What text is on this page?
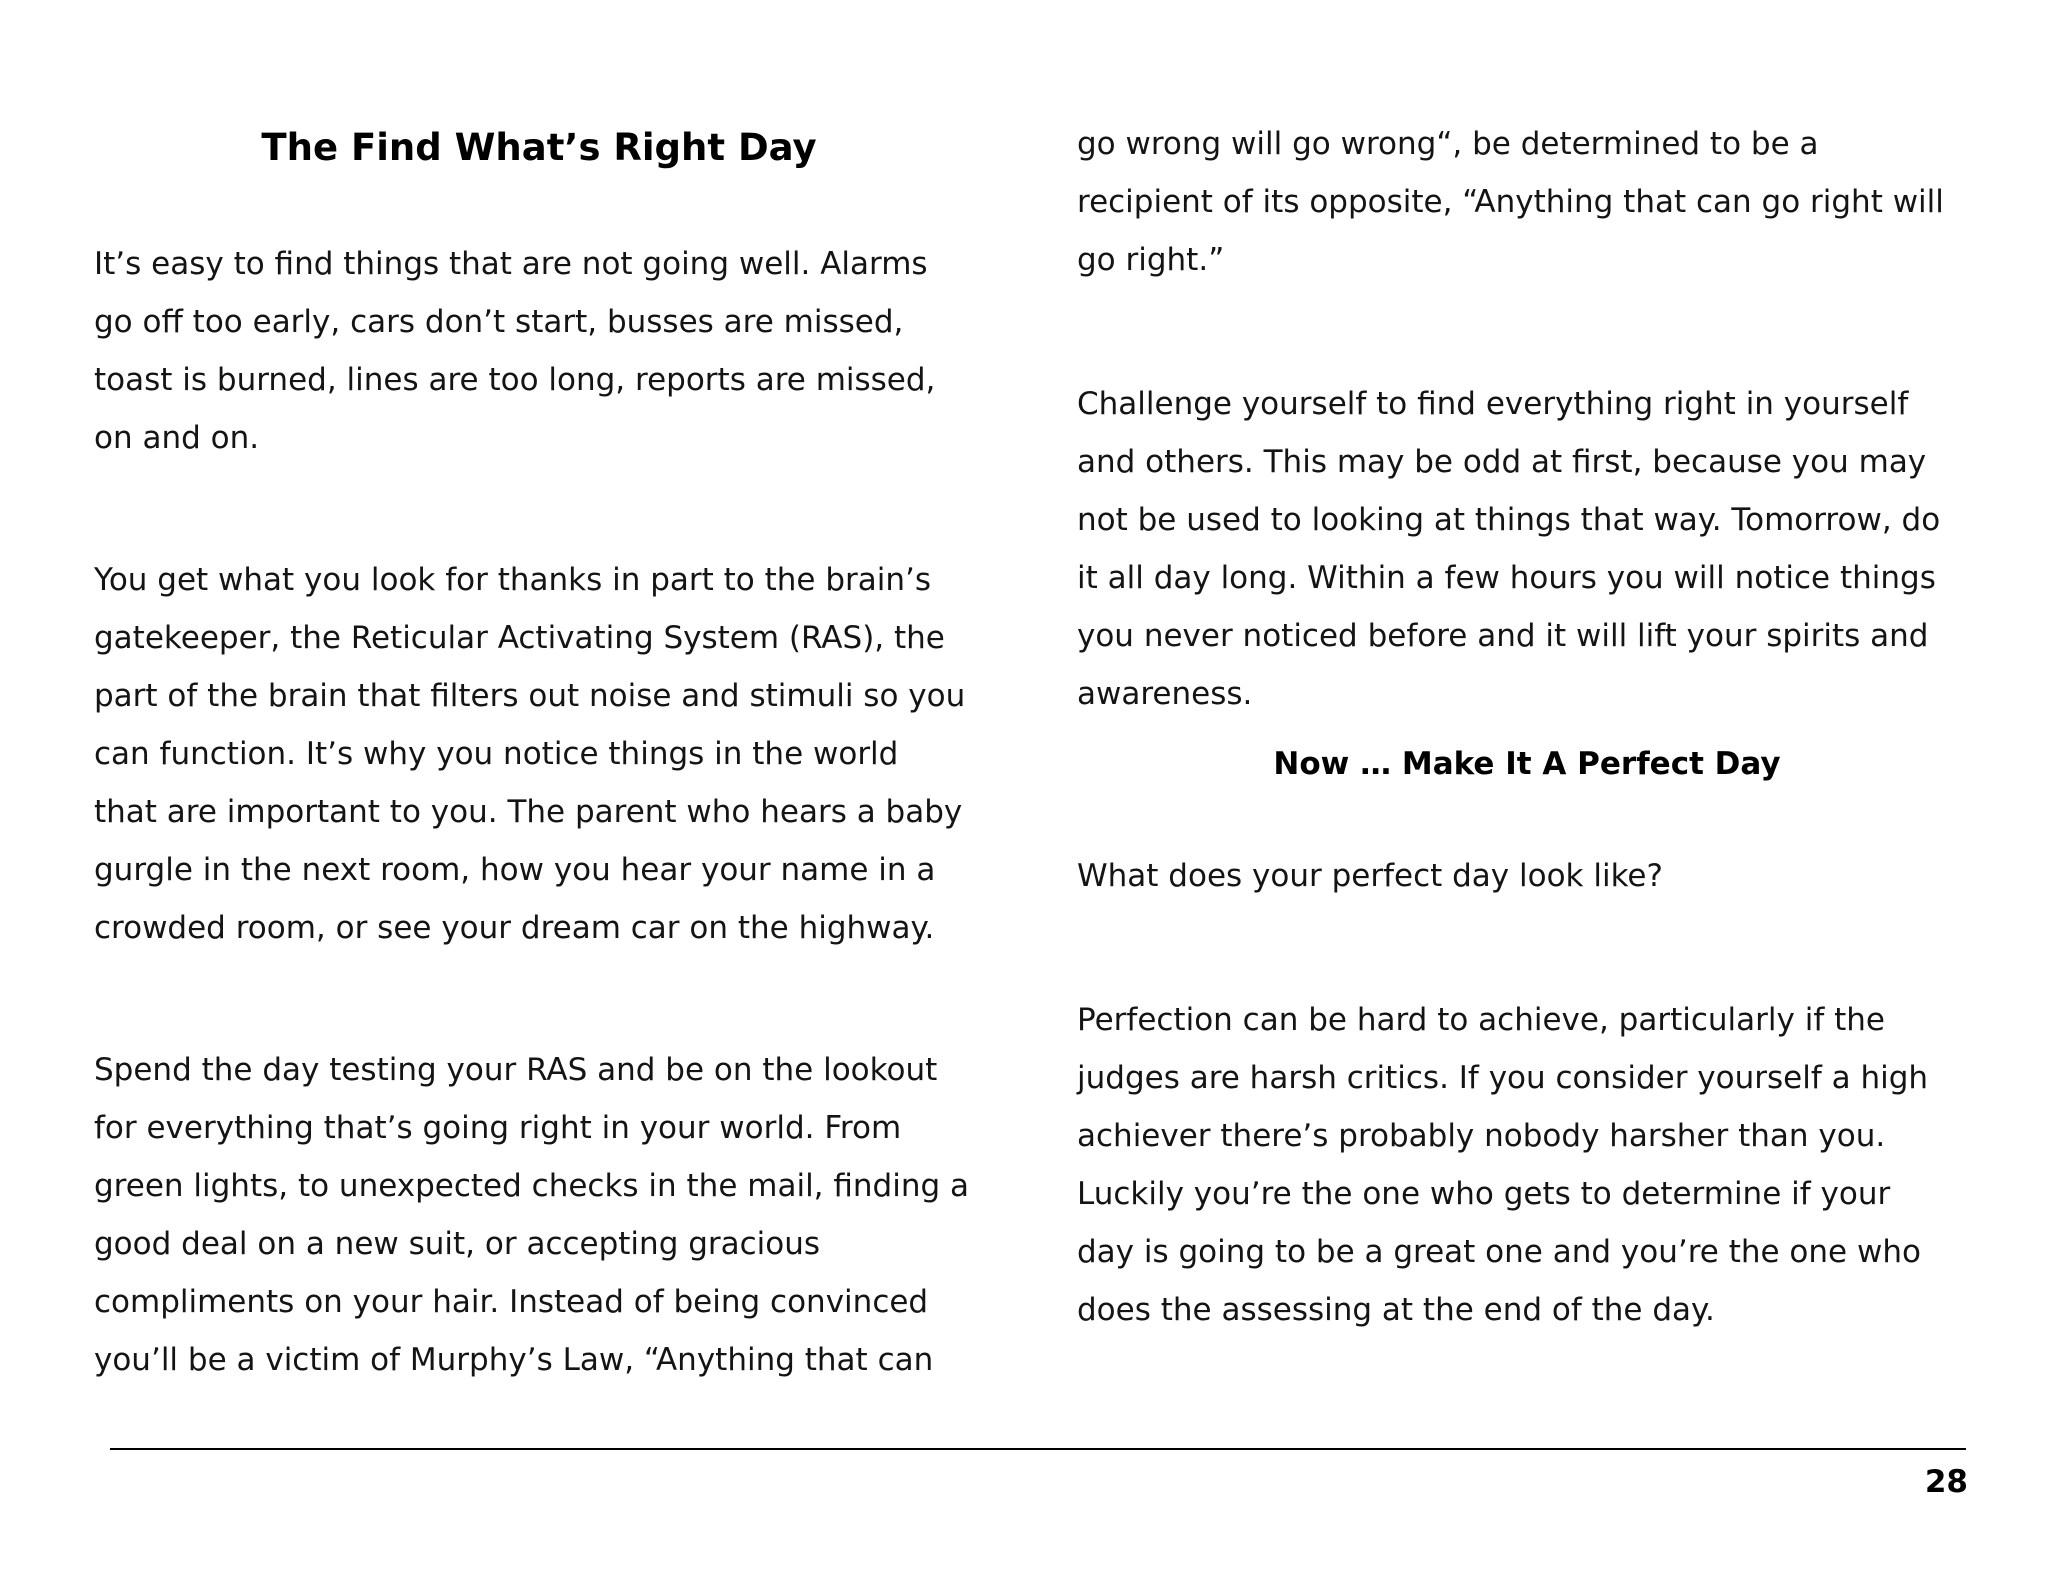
The Find What’s Right Day
It’s easy to find things that are not going well. Alarms
go off too early, cars don’t start, busses are missed,
toast is burned, lines are too long, reports are missed,
on and on.
You get what you look for thanks in part to the brain’s
gatekeeper, the Reticular Activating System (RAS), the
part of the brain that filters out noise and stimuli so you
can function. It’s why you notice things in the world
that are important to you. The parent who hears a baby
gurgle in the next room, how you hear your name in a
crowded room, or see your dream car on the highway.
Spend the day testing your RAS and be on the lookout
for everything that’s going right in your world. From
green lights, to unexpected checks in the mail, finding a
good deal on a new suit, or accepting gracious
compliments on your hair. Instead of being convinced
you’ll be a victim of Murphy’s Law, “Anything that can
go wrong will go wrong“, be determined to be a
recipient of its opposite, “Anything that can go right will
go right.”
Challenge yourself to find everything right in yourself
and others. This may be odd at first, because you may
not be used to looking at things that way. Tomorrow, do
it all day long. Within a few hours you will notice things
you never noticed before and it will lift your spirits and
awareness.
Now … Make It A Perfect Day
What does your perfect day look like?
Perfection can be hard to achieve, particularly if the
judges are harsh critics. If you consider yourself a high
achiever there’s probably nobody harsher than you.
Luckily you’re the one who gets to determine if your
day is going to be a great one and you’re the one who
does the assessing at the end of the day.
28
